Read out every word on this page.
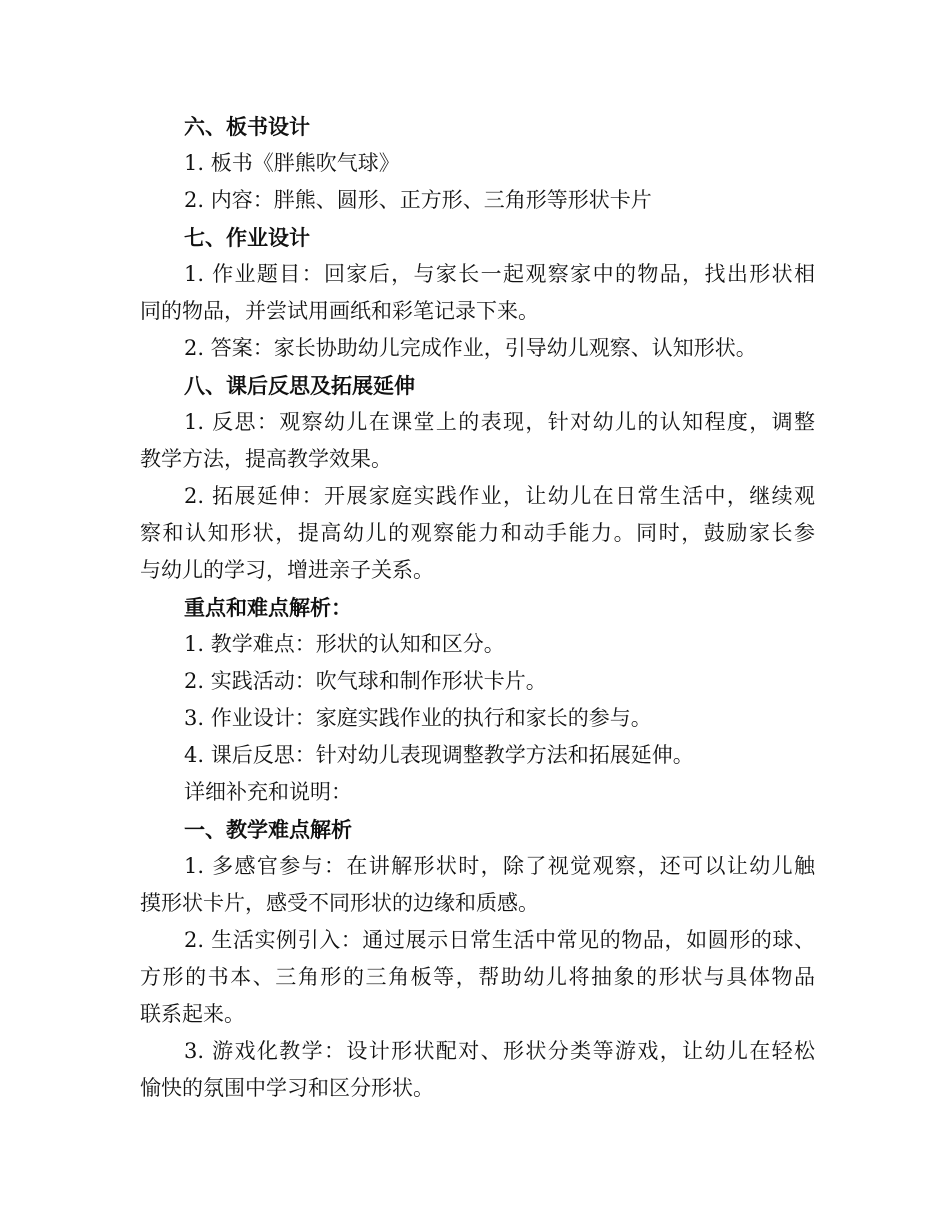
六、板书设计
1. 板书《胖熊吹气球》
2. 内容：胖熊、圆形、正方形、三角形等形状卡片
七、作业设计
1. 作业题目：回家后，与家长一起观察家中的物品，找出形状相
同的物品，并尝试用画纸和彩笔记录下来。
2. 答案：家长协助幼儿完成作业，引导幼儿观察、认知形状。
八、课后反思及拓展延伸
1. 反思：观察幼儿在课堂上的表现，针对幼儿的认知程度，调整
教学方法，提高教学效果。
2. 拓展延伸：开展家庭实践作业，让幼儿在日常生活中，继续观
察和认知形状，提高幼儿的观察能力和动手能力。同时，鼓励家长参
与幼儿的学习，增进亲子关系。
重点和难点解析：
1. 教学难点：形状的认知和区分。
2. 实践活动：吹气球和制作形状卡片。
3. 作业设计：家庭实践作业的执行和家长的参与。
4. 课后反思：针对幼儿表现调整教学方法和拓展延伸。
详细补充和说明：
一、教学难点解析
1. 多感官参与：在讲解形状时，除了视觉观察，还可以让幼儿触
摸形状卡片，感受不同形状的边缘和质感。
2. 生活实例引入：通过展示日常生活中常见的物品，如圆形的球、
方形的书本、三角形的三角板等，帮助幼儿将抽象的形状与具体物品
联系起来。
3. 游戏化教学：设计形状配对、形状分类等游戏，让幼儿在轻松
愉快的氛围中学习和区分形状。
